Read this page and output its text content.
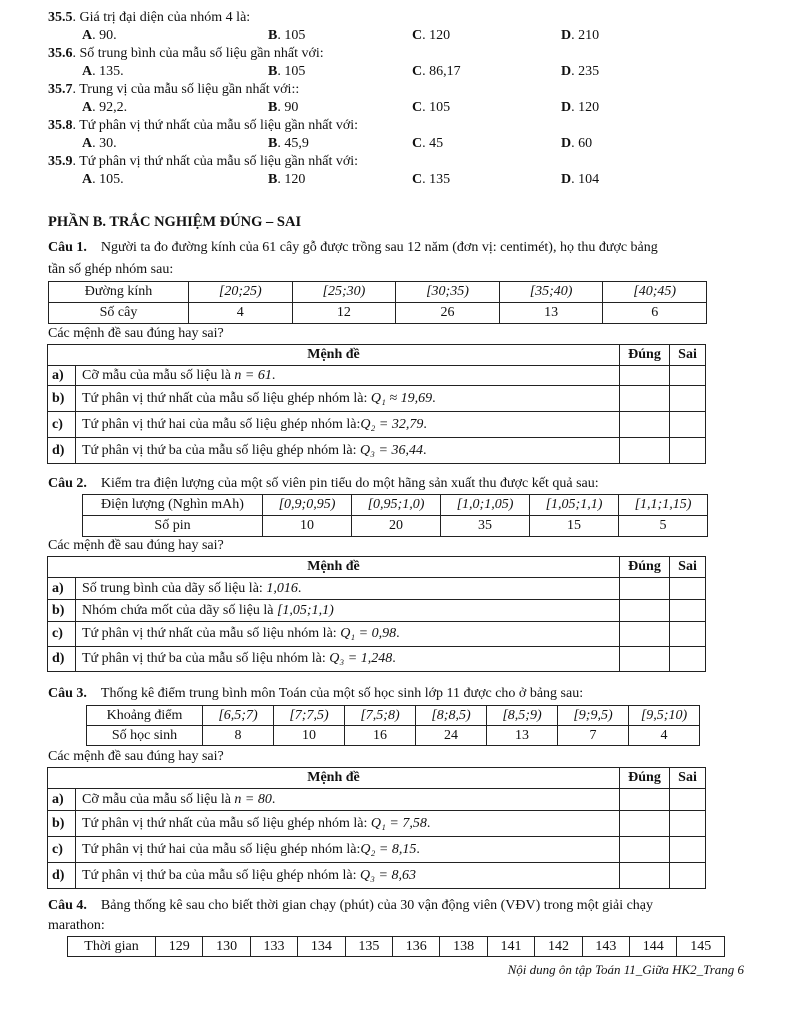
35.5. Giá trị đại diện của nhóm 4 là:
A. 90.	B. 105	C. 120	D. 210
35.6. Số trung bình của mẫu số liệu gần nhất với:
A. 135.	B. 105	C. 86,17	D. 235
35.7. Trung vị của mẫu số liệu gần nhất với::
A. 92,2.	B. 90	C. 105	D. 120
35.8. Tứ phân vị thứ nhất của mẫu số liệu gần nhất với:
A. 30.	B. 45,9	C. 45	D. 60
35.9. Tứ phân vị thứ nhất của mẫu số liệu gần nhất với:
A. 105.	B. 120	C. 135	D. 104
PHẦN B. TRẮC NGHIỆM ĐÚNG – SAI
Câu 1. Người ta đo đường kính của 61 cây gỗ được trồng sau 12 năm (đơn vị: centimét), họ thu được bảng
tần số ghép nhóm sau:
Đường kính	[20;25)	[25;30)	[30;35)	[35;40)	[40;45)
Số cây	4	12	26	13	6
Các mệnh đề sau đúng hay sai?
Mệnh đề		Đúng	Sai
a)	Cỡ mẫu của mẫu số liệu là n = 61.		
b)	Tứ phân vị thứ nhất của mẫu số liệu ghép nhóm là: Q₁ ≈ 19,69.		
c)	Tứ phân vị thứ hai của mẫu số liệu ghép nhóm là:Q₂ = 32,79.		
d)	Tứ phân vị thứ ba của mẫu số liệu ghép nhóm là: Q₃ = 36,44.		
Câu 2. Kiểm tra điện lượng của một số viên pin tiểu do một hãng sản xuất thu được kết quả sau:
Điện lượng (Nghìn mAh)	[0,9;0,95)	[0,95;1,0)	[1,0;1,05)	[1,05;1,1)	[1,1;1,15)
Số pin	10	20	35	15	5
Các mệnh đề sau đúng hay sai?
Mệnh đề		Đúng	Sai
a)	Số trung bình của dãy số liệu là: 1,016.		
b)	Nhóm chứa mốt của dãy số liệu là [1,05;1,1)		
c)	Tứ phân vị thứ nhất của mẫu số liệu nhóm là: Q₁ = 0,98.		
d)	Tứ phân vị thứ ba của mẫu số liệu nhóm là: Q₃ = 1,248.		
Câu 3. Thống kê điểm trung bình môn Toán của một số học sinh lớp 11 được cho ở bảng sau:
Khoảng điểm	[6,5;7)	[7;7,5)	[7,5;8)	[8;8,5)	[8,5;9)	[9;9,5)	[9,5;10)
Số học sinh	8	10	16	24	13	7	4
Các mệnh đề sau đúng hay sai?
Mệnh đề		Đúng	Sai
a)	Cỡ mẫu của mẫu số liệu là n = 80.		
b)	Tứ phân vị thứ nhất của mẫu số liệu ghép nhóm là: Q₁ = 7,58.		
c)	Tứ phân vị thứ hai của mẫu số liệu ghép nhóm là:Q₂ = 8,15.		
d)	Tứ phân vị thứ ba của mẫu số liệu ghép nhóm là: Q₃ = 8,63		
Câu 4. Bảng thống kê sau cho biết thời gian chạy (phút) của 30 vận động viên (VĐV) trong một giải chạy
marathon:
Thời gian	129	130	133	134	135	136	138	141	142	143	144	145
Nội dung ôn tập Toán 11_Giữa HK2_Trang 6
